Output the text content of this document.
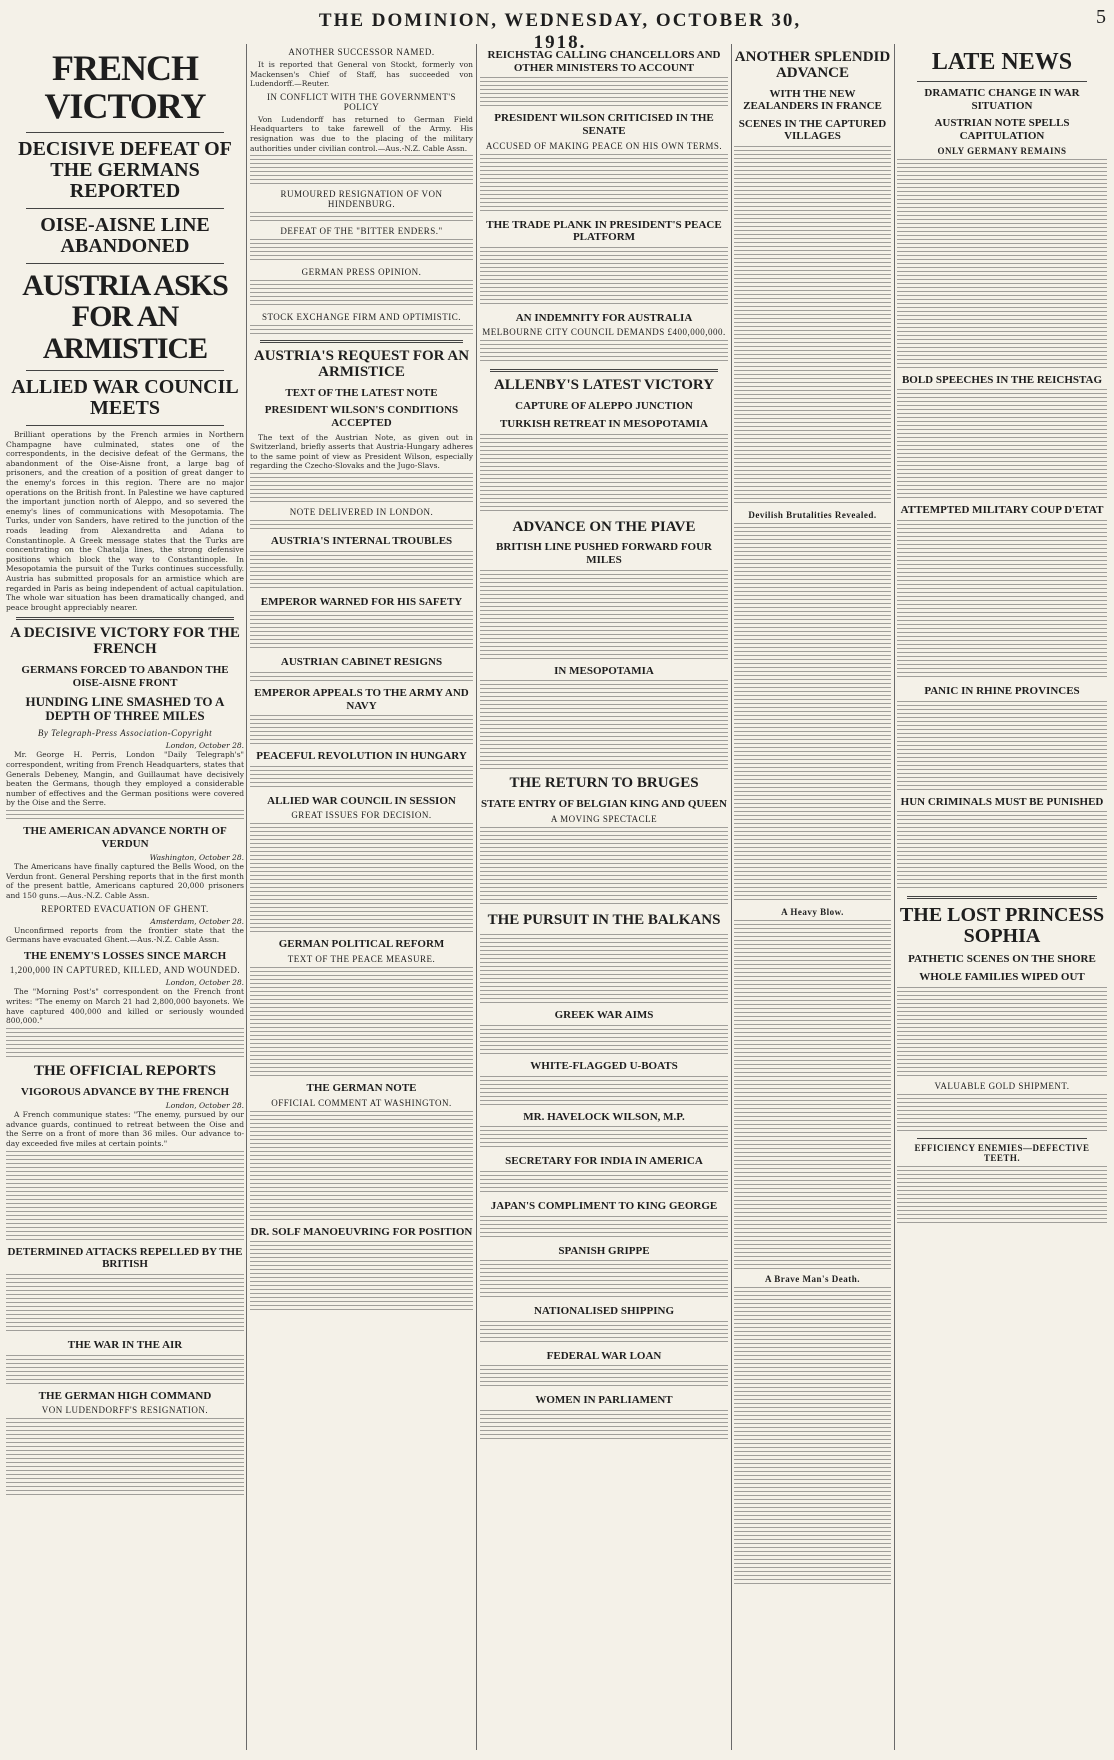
THE DOMINION, WEDNESDAY, OCTOBER 30, 1918.
5
FRENCH VICTORY
DECISIVE DEFEAT OF THE GERMANS REPORTED
OISE-AISNE LINE ABANDONED
AUSTRIA ASKS FOR AN ARMISTICE
ALLIED WAR COUNCIL MEETS

Brilliant operations by the French armies in Northern Champagne have culminated, states one of the correspondents, in the decisive defeat of the Germans, the abandonment of the Oise-Aisne front, a large bag of prisoners, and the creation of a position of great danger to the enemy's forces in this region. There are no major operations on the British front. In Palestine we have captured the important junction north of Aleppo, and so severed the enemy's lines of communications with Mesopotamia. The Turks, under von Sanders, have retired to the junction of the roads leading from Alexandretta and Adana to Constantinople. A Greek message states that the Turks are concentrating on the Chatalja lines, the strong defensive positions which block the way to Constantinople. In Mesopotamia the pursuit of the Turks continues successfully. Austria has submitted proposals for an armistice which are regarded in Paris as being independent of actual capitulation. The whole war situation has been dramatically changed, and peace brought appreciably nearer.

A DECISIVE VICTORY FOR THE FRENCH
GERMANS FORCED TO ABANDON THE OISE-AISNE FRONT
HUNDING LINE SMASHED TO A DEPTH OF THREE MILES
By Telegraph-Press Association-Copyright
London, October 28.

Mr. George H. Perris, London "Daily Telegraph's" correspondent, writing from French Headquarters, states that Generals Debeney, Mangin, and Guillaumat have decisively beaten the Germans, though they employed a considerable number of effectives and the German positions were covered by the Oise and the Serre.

THE AMERICAN ADVANCE NORTH OF VERDUN
Washington, October 28.

The Americans have finally captured the Bells Wood, on the Verdun front. General Pershing reports that in the first month of the present battle, Americans captured 20,000 prisoners and 150 guns.—Aus.-N.Z. Cable Assn.

REPORTED EVACUATION OF GHENT.
Amsterdam, October 28.

Unconfirmed reports from the frontier state that the Germans have evacuated Ghent.—Aus.-N.Z. Cable Assn.

THE ENEMY'S LOSSES SINCE MARCH
1,200,000 IN CAPTURED, KILLED, AND WOUNDED.
London, October 28.

The "Morning Post's" correspondent on the French front writes: "The enemy on March 21 had 2,800,000 bayonets. We have captured 400,000 and killed or seriously wounded 800,000."

THE OFFICIAL REPORTS
VIGOROUS ADVANCE BY THE FRENCH
London, October 28.

A French communique states: "The enemy, pursued by our advance guards, continued to retreat between the Oise and the Serre on a front of more than 36 miles. Our advance to-day exceeded five miles at certain points."

DETERMINED ATTACKS REPELLED BY THE BRITISH
THE WAR IN THE AIR
THE GERMAN HIGH COMMAND
VON LUDENDORFF'S RESIGNATION.
ANOTHER SUCCESSOR NAMED.

It is reported that General von Stockt, formerly von Mackensen's Chief of Staff, has succeeded von Ludendorff.—Reuter.

IN CONFLICT WITH THE GOVERNMENT'S POLICY

Von Ludendorff has returned to German Field Headquarters to take farewell of the Army. His resignation was due to the placing of the military authorities under civilian control.—Aus.-N.Z. Cable Assn.

RUMOURED RESIGNATION OF VON HINDENBURG.
DEFEAT OF THE "BITTER ENDERS."
GERMAN PRESS OPINION.
STOCK EXCHANGE FIRM AND OPTIMISTIC.
AUSTRIA'S REQUEST FOR AN ARMISTICE
TEXT OF THE LATEST NOTE
PRESIDENT WILSON'S CONDITIONS ACCEPTED

The text of the Austrian Note, as given out in Switzerland, briefly asserts that Austria-Hungary adheres to the same point of view as President Wilson, especially regarding the Czecho-Slovaks and the Jugo-Slavs.

NOTE DELIVERED IN LONDON.
AUSTRIA'S INTERNAL TROUBLES
EMPEROR WARNED FOR HIS SAFETY
AUSTRIAN CABINET RESIGNS
EMPEROR APPEALS TO THE ARMY AND NAVY
PEACEFUL REVOLUTION IN HUNGARY
ALLIED WAR COUNCIL IN SESSION
GREAT ISSUES FOR DECISION.
GERMAN POLITICAL REFORM
TEXT OF THE PEACE MEASURE.
THE GERMAN NOTE
OFFICIAL COMMENT AT WASHINGTON.
DR. SOLF MANOEUVRING FOR POSITION
REICHSTAG CALLING CHANCELLORS AND OTHER MINISTERS TO ACCOUNT
PRESIDENT WILSON CRITICISED IN THE SENATE
ACCUSED OF MAKING PEACE ON HIS OWN TERMS.
THE TRADE PLANK IN PRESIDENT'S PEACE PLATFORM
AN INDEMNITY FOR AUSTRALIA
MELBOURNE CITY COUNCIL DEMANDS £400,000,000.
ALLENBY'S LATEST VICTORY
CAPTURE OF ALEPPO JUNCTION
TURKISH RETREAT IN MESOPOTAMIA
ADVANCE ON THE PIAVE
BRITISH LINE PUSHED FORWARD FOUR MILES
IN MESOPOTAMIA
THE RETURN TO BRUGES
STATE ENTRY OF BELGIAN KING AND QUEEN
A MOVING SPECTACLE
THE PURSUIT IN THE BALKANS
GREEK WAR AIMS
WHITE-FLAGGED U-BOATS
MR. HAVELOCK WILSON, M.P.
SECRETARY FOR INDIA IN AMERICA
JAPAN'S COMPLIMENT TO KING GEORGE
SPANISH GRIPPE
NATIONALISED SHIPPING
FEDERAL WAR LOAN
WOMEN IN PARLIAMENT
ANOTHER SPLENDID ADVANCE
WITH THE NEW ZEALANDERS IN FRANCE
SCENES IN THE CAPTURED VILLAGES
Devilish Brutalities Revealed.
A Heavy Blow.
A Brave Man's Death.
LATE NEWS
DRAMATIC CHANGE IN WAR SITUATION
AUSTRIAN NOTE SPELLS CAPITULATION
ONLY GERMANY REMAINS
BOLD SPEECHES IN THE REICHSTAG
ATTEMPTED MILITARY COUP D'ETAT
PANIC IN RHINE PROVINCES
HUN CRIMINALS MUST BE PUNISHED
THE LOST PRINCESS SOPHIA
PATHETIC SCENES ON THE SHORE
WHOLE FAMILIES WIPED OUT
VALUABLE GOLD SHIPMENT.
EFFICIENCY ENEMIES—DEFECTIVE TEETH.
